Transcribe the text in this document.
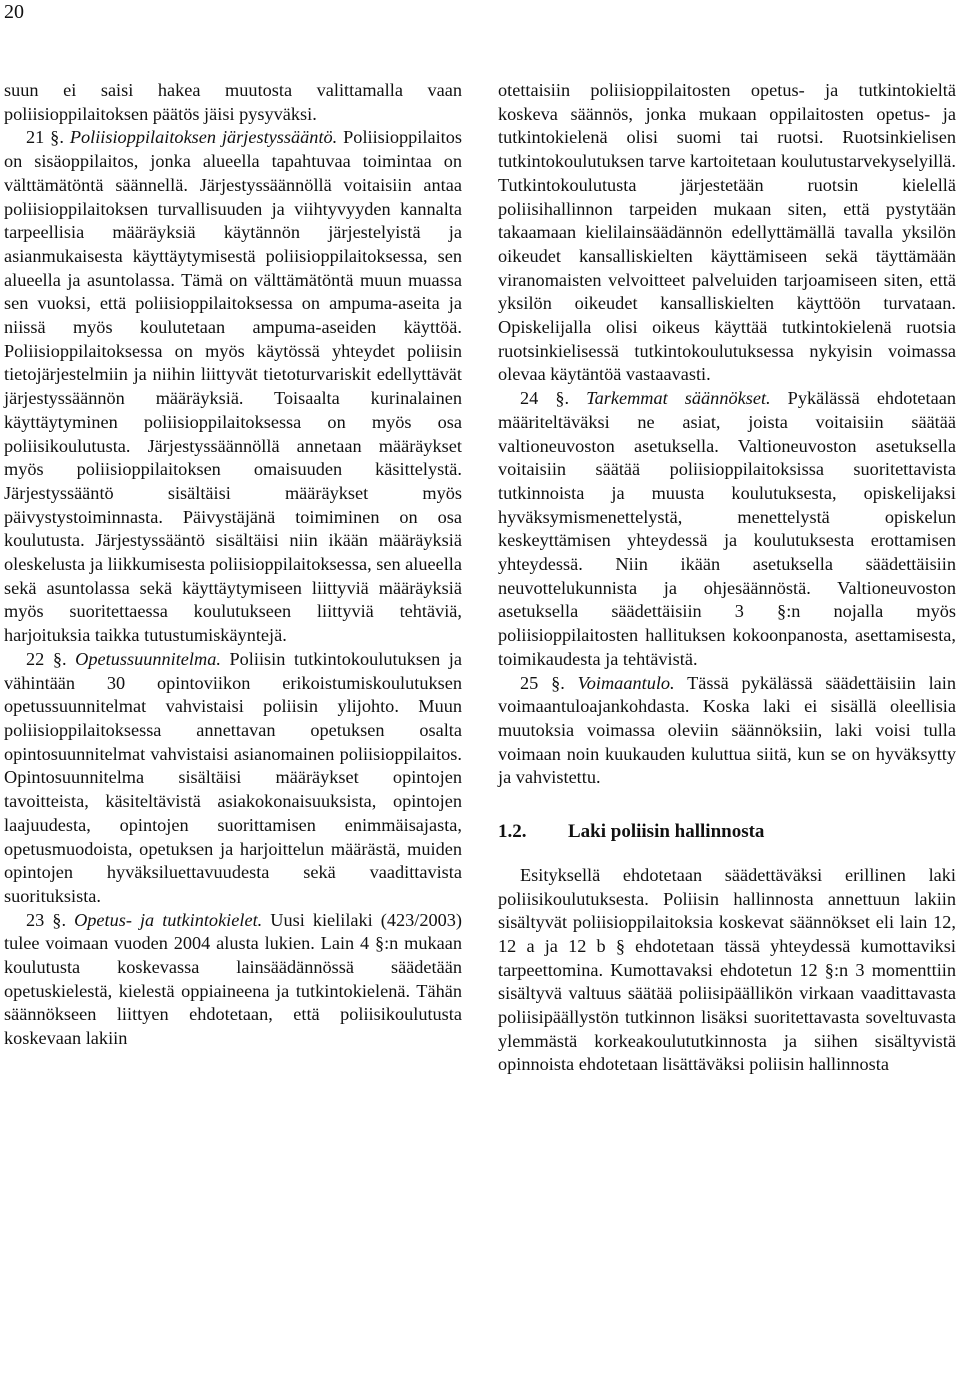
20

suun ei saisi hakea muutosta valittamalla vaan poliisioppilaitoksen päätös jäisi pysyväksi.

21 §. Poliisioppilaitoksen järjestyssääntö. Poliisioppilaitos on sisäoppilaitos, jonka alueella tapahtuvaa toimintaa on välttämätöntä säännellä. Järjestyssäännöllä voitaisiin antaa poliisioppilaitoksen turvallisuuden ja viihtyvyyden kannalta tarpeellisia määräyksiä käytännön järjestelyistä ja asianmukaisesta käyttäytymisestä poliisioppilaitoksessa, sen alueella ja asuntolassa. Tämä on välttämätöntä muun muassa sen vuoksi, että poliisioppilaitoksessa on ampuma-aseita ja niissä myös koulutetaan ampuma-aseiden käyttöä. Poliisioppilaitoksessa on myös käytössä yhteydet poliisin tietojärjestelmiin ja niihin liittyvät tietoturvariskit edellyttävät järjestyssäännön määräyksiä. Toisaalta kurinalainen käyttäytyminen poliisioppilaitoksessa on myös osa poliisikoulutusta. Järjestyssäännöllä annetaan määräykset myös poliisioppilaitoksen omaisuuden käsittelystä. Järjestyssääntö sisältäisi määräykset myös päivystystoiminnasta. Päivystäjänä toimiminen on osa koulutusta. Järjestyssääntö sisältäisi niin ikään määräyksiä oleskelusta ja liikkumisesta poliisioppilaitoksessa, sen alueella sekä asuntolassa sekä käyttäytymiseen liittyviä määräyksiä myös suoritettaessa koulutukseen liittyviä tehtäviä, harjoituksia taikka tutustumiskäyntejä.

22 §. Opetussuunnitelma. Poliisin tutkintokoulutuksen ja vähintään 30 opintoviikon erikoistumiskoulutuksen opetussuunnitelmat vahvistaisi poliisin ylijohto. Muun poliisioppilaitoksessa annettavan opetuksen osalta opintosuunnitelmat vahvistaisi asianomainen poliisioppilaitos. Opintosuunnitelma sisältäisi määräykset opintojen tavoitteista, käsiteltävistä asiakokonaisuuksista, opintojen laajuudesta, opintojen suorittamisen enimmäisajasta, opetusmuodoista, opetuksen ja harjoittelun määrästä, muiden opintojen hyväksiluettavuudesta sekä vaadittavista suorituksista.

23 §. Opetus- ja tutkintokielet. Uusi kielilaki (423/2003) tulee voimaan vuoden 2004 alusta lukien. Lain 4 §:n mukaan koulutusta koskevassa lainsäädännössä säädetään opetuskielestä, kielestä oppiaineena ja tutkintokielenä. Tähän säännökseen liittyen ehdotetaan, että poliisikoulutusta koskevaan lakiin

otettaisiin poliisioppilaitosten opetus- ja tutkintokieltä koskeva säännös, jonka mukaan oppilaitosten opetus- ja tutkintokielenä olisi suomi tai ruotsi. Ruotsinkielisen tutkintokoulutuksen tarve kartoitetaan koulutustarvekyselyillä. Tutkintokoulutusta järjestetään ruotsin kielellä poliisihallinnon tarpeiden mukaan siten, että pystytään takaamaan kielilainsäädännön edellyttämällä tavalla yksilön oikeudet kansalliskielten käyttämiseen sekä täyttämään viranomaisten velvoitteet palveluiden tarjoamiseen siten, että yksilön oikeudet kansalliskielten käyttöön turvataan. Opiskelijalla olisi oikeus käyttää tutkintokielenä ruotsia ruotsinkielisessä tutkintokoulutuksessa nykyisin voimassa olevaa käytäntöä vastaavasti.

24 §. Tarkemmat säännökset. Pykälässä ehdotetaan määriteltäväksi ne asiat, joista voitaisiin säätää valtioneuvoston asetuksella. Valtioneuvoston asetuksella voitaisiin säätää poliisioppilaitoksissa suoritettavista tutkinnoista ja muusta koulutuksesta, opiskelijaksi hyväksymismenettelystä, menettelystä opiskelun keskeyttämisen yhteydessä ja koulutuksesta erottamisen yhteydessä. Niin ikään asetuksella säädettäisiin neuvottelukunnista ja ohjesäännöstä. Valtioneuvoston asetuksella säädettäisiin 3 §:n nojalla myös poliisioppilaitosten hallituksen kokoonpanosta, asettamisesta, toimikaudesta ja tehtävistä.

25 §. Voimaantulo. Tässä pykälässä säädettäisiin lain voimaantuloajankohdasta. Koska laki ei sisällä oleellisia muutoksia voimassa oleviin säännöksiin, laki voisi tulla voimaan noin kuukauden kuluttua siitä, kun se on hyväksytty ja vahvistettu.

1.2. Laki poliisin hallinnosta

Esityksellä ehdotetaan säädettäväksi erillinen laki poliisikoulutuksesta. Poliisin hallinnosta annettuun lakiin sisältyvät poliisioppilaitoksia koskevat säännökset eli lain 12, 12 a ja 12 b § ehdotetaan tässä yhteydessä kumottaviksi tarpeettomina. Kumottavaksi ehdotetun 12 §:n 3 momenttiin sisältyvä valtuus säätää poliisipäällikön virkaan vaadittavasta poliisipäällystön tutkinnon lisäksi suoritettavasta soveltuvasta ylemmästä korkeakoulututkinnosta ja siihen sisältyvistä opinnoista ehdotetaan lisättäväksi poliisin hallinnosta
